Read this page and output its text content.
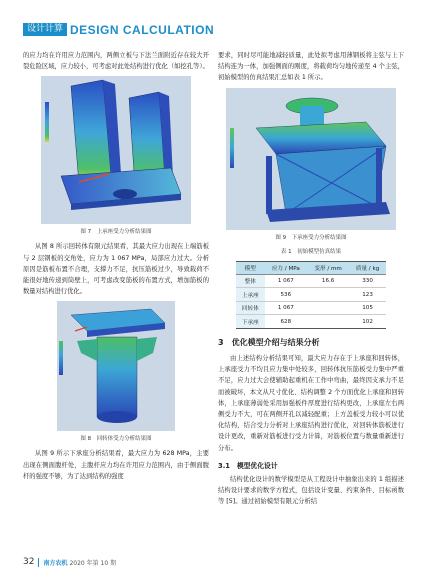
设计计算 DESIGN CALCULATION

的应力均在许用应力范围内，两侧立板与下法兰面附近存在较大开裂危险区域，应力较小，可考虑对此处结构进行优化（如挖孔等）。

图 7　上承座受力分析结果图

从图 8 所示回转体有限元结果看，其最大应力出现在上端筋板与 2 层钢板的交角处，应力为 1 067 MPa，局部应力过大。分析原因是筋板布置不合理，支撑力不足，抗压筋板过少，导致载荷不能很好地传递到筒壁上，可考虑改变筋板的布置方式，增加筋板的数量对结构进行优化。

图 8　回转体受力分析结果图

从图 9 所示下承座分析结果看，最大应力为 628 MPa，主要出现在侧面腹杆处，主腹杆应力均在许用应力范围内，由于侧面腹杆的强度不够，为了达到结构的强度

要求，同时尽可能地减轻质量，此处拟考虑用薄钢板将主弦与上下结构连为一体，加强侧面的刚度，将载荷均匀地传递至 4 个主弦，初始模型的仿真结果汇总如表 1 所示。

图 9　下承座受力分析结果图
表 1　初始模型仿真结果
模型	应力 / MPa	变形 / mm	质量 / kg
整体	1 067	16.6	330
上承座	536		123
回转体	1 067		105
下承座	628		102
3　优化模型介绍与结果分析

由上述结构分析结果可知，最大应力存在于上承座和回转体，上承座受力不均且应力集中处较多，回转体抗压筋板受力集中严重不足，应力过大会使辅助起重机在工作中弯曲，最终因支承力不足而被破坏，本文从尺寸优化、结构调整 2 个方面优化上承座和回转体，上承座薄弱处采用加强板件厚度进行结构更改，上承座左右两侧受力不大，可在两侧开孔以减轻配重；上方盖板受力较小可以优化结构，结合受力分析对上承座结构进行优化，对回转体筋板进行设计更改，重新对筋板进行受力计算，对筋板位置与数量重新进行分布。

3.1　模型优化设计

结构优化设计的数学模型是从工程设计中抽象出来的 1 组描述结构设计要求的数学方程式，包括设计变量、约束条件、目标函数等 [5]。通过初始模型有限元分析结

32 南方农机 2020 年第 10 期
